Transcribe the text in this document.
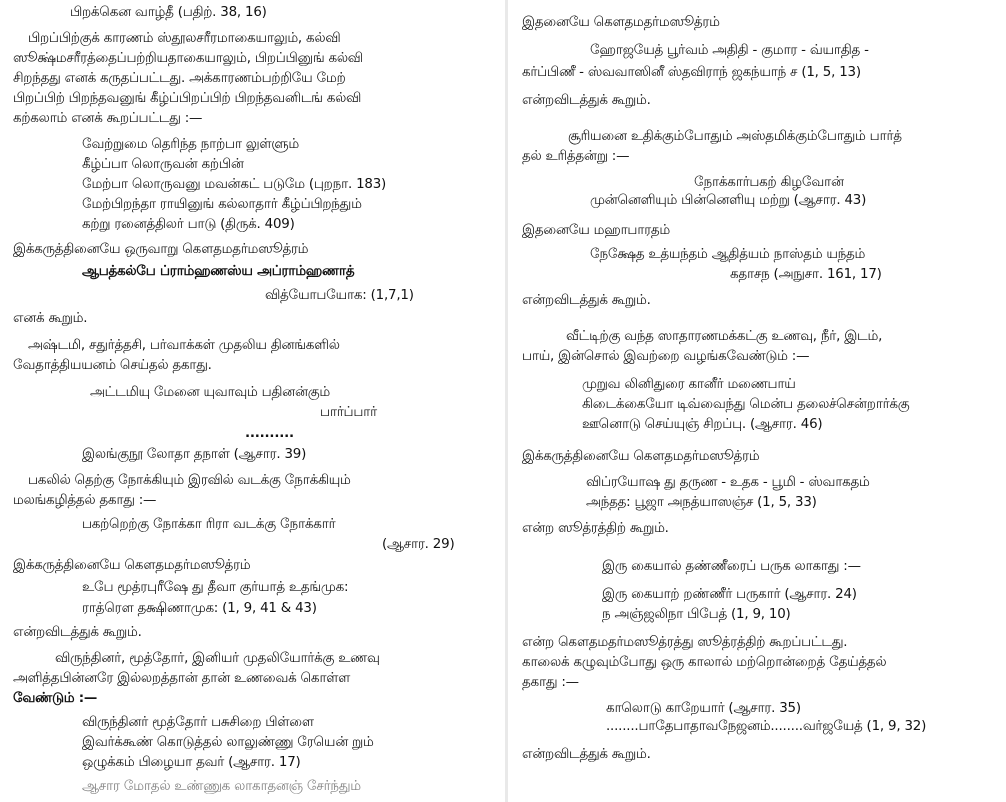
பிறக்கென வாழ்தீ (பதிற். 38, 16)
பிறப்பிற்குக் காரணம் ஸ்தூலசரீரமாகையாலும், கல்வி
ஸூக்ஷ்மசரீரத்தைப்பற்றியதாகையாலும், பிறப்பினுங் கல்வி
சிறந்தது எனக் கருதப்பட்டது. அக்காரணம்பற்றியே மேற்
பிறப்பிற் பிறந்தவனுங் கீழ்ப்பிறப்பிற் பிறந்தவனிடங் கல்வி
கற்கலாம் எனக் கூறப்பட்டது :—
வேற்றுமை தெரிந்த நாற்பா லுள்ளும்
கீழ்ப்பா லொருவன் கற்பின்
மேற்பா லொருவனு மவன்கட் படுமே (புறநா. 183)
மேற்பிறந்தா ராயினுங் கல்லாதார் கீழ்ப்பிறந்தும்
கற்று ரனைத்திலர் பாடு (திருக். 409)
இக்கருத்தினையே ஒருவாறு கௌதமதர்மஸூத்ரம்
ஆபத்கல்பே ப்ராம்ஹணஸ்ய அப்ராம்ஹணாத்
வித்யோபயோக: (1,7,1)
எனக் கூறும்.
அஷ்டமி, சதுர்த்தசி, பர்வாக்கள் முதலிய தினங்களில்
வேதாத்தியயனம் செய்தல் தகாது.
அட்டமியு மேனை யுவாவும் பதினன்கும்
பார்ப்பார்
..........
இலங்குநூ லோதா தநாள் (ஆசார. 39)
பகலில் தெற்கு நோக்கியும் இரவில் வடக்கு நோக்கியும்
மலங்கழித்தல் தகாது :—
பகற்றெற்கு நோக்கா ரிரா வடக்கு நோக்கார்
(ஆசார. 29)
இக்கருத்தினையே கௌதமதர்மஸூத்ரம்
உபே மூத்ரபுரீஷே து தீவா குர்யாத் உதங்முக:
ராத்ரௌ தக்ஷிணாமுக: (1, 9, 41 & 43)
என்றவிடத்துக் கூறும்.
விருந்தினர், மூத்தோர், இனியர் முதலியோர்க்கு உணவு
அளித்தபின்னரே இல்லறத்தான் தான் உணவைக் கொள்ள
வேண்டும் :—
விருந்தினர் மூத்தோர் பசுசிறை பிள்ளை
இவர்க்கூண் கொடுத்தல் லாலுண்ணு ரேயென் றும்
ஒழுக்கம் பிழையா தவர் (ஆசார. 17)
ஆசார மோதல் உண்ணுக லாகாதனஞ் சேர்ந்தும்
இதனையே கௌதமதர்மஸூத்ரம்
ஹோஜயேத் பூர்வம் அதிதி - குமார - வ்யாதித -
கர்ப்பிணீ - ஸ்வவாஸினீ ஸ்தவிராந் ஜகந்யாந் ச (1, 5, 13)
என்றவிடத்துக் கூறும்.
சூரியனை உதிக்கும்போதும் அஸ்தமிக்கும்போதும் பார்த்
தல் உரித்தன்று :—
நோக்கார்பகற் கிழவோன்
முன்னெளியும் பின்னெளியு மற்று (ஆசார. 43)
இதனையே மஹாபாரதம்
நேக்ஷேத உத்யந்தம் ஆதித்யம் நாஸ்தம் யந்தம்
கதாசந (அநுசா. 161, 17)
என்றவிடத்துக் கூறும்.
வீட்டிற்கு வந்த ஸாதாரணமக்கட்கு உணவு, நீர், இடம்,
பாய், இன்சொல் இவற்றை வழங்கவேண்டும் :—
முறுவ லினிதுரை கானீர் மணைபாய்
கிடைக்கையோ டிவ்வைந்து மென்ப தலைச்சென்றார்க்கு
ஊனொடு செய்யுஞ் சிறப்பு. (ஆசார. 46)
இக்கருத்தினையே கௌதமதர்மஸூத்ரம்
விப்ரயோஷ து தருண - உதக - பூமி - ஸ்வாகதம்
அந்தத: பூஜா அநத்யாஸஞ்ச (1, 5, 33)
என்ற ஸூத்ரத்திற் கூறும்.
இரு கையால் தண்ணீரைப் பருக லாகாது :—
இரு கையாற் றண்ணீர் பருகார் (ஆசார. 24)
ந அஞ்ஜலிநா பிபேத் (1, 9, 10)
என்ற கௌதமதர்மஸூத்ரத்து ஸூத்ரத்திற் கூறப்பட்டது.
காலைக் கழுவும்போது ஒரு காலால் மற்றொன்றைத் தேய்த்தல்
தகாது :—
காலொடு காறேயார் (ஆசார. 35)
........பாதேபாதாவநேஜனம்........வர்ஜயேத் (1, 9, 32)
என்றவிடத்துக் கூறும்.
